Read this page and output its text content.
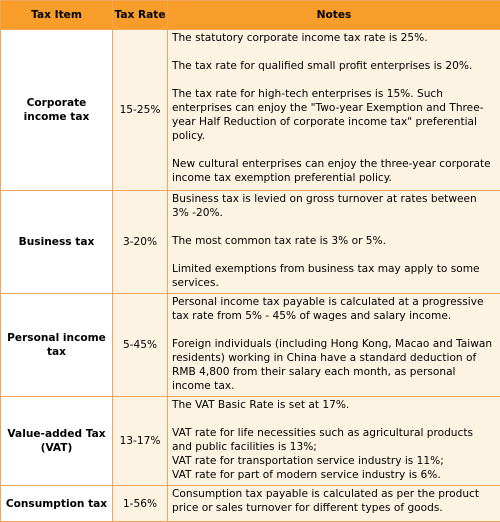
Tax Item	Tax Rate	Notes
Corporate income tax	15-25%	The statutory corporate income tax rate is 25%.

The tax rate for qualified small profit enterprises is 20%.

The tax rate for high-tech enterprises is 15%. Such enterprises can enjoy the "Two-year Exemption and Three-year Half Reduction of corporate income tax" preferential policy.

New cultural enterprises can enjoy the three-year corporate income tax exemption preferential policy.

Business tax	3-20%	Business tax is levied on gross turnover at rates between 3% -20%.

The most common tax rate is 3% or 5%.

Limited exemptions from business tax may apply to some services.

Personal income tax	5-45%	Personal income tax payable is calculated at a progressive tax rate from 5% - 45% of wages and salary income.

Foreign individuals (including Hong Kong, Macao and Taiwan residents) working in China have a standard deduction of RMB 4,800 from their salary each month, as personal income tax.

Value-added Tax (VAT)	13-17%	The VAT Basic Rate is set at 17%.

VAT rate for life necessities such as agricultural products and public facilities is 13%;

VAT rate for transportation service industry is 11%;

VAT rate for part of modern service industry is 6%.

Consumption tax	1-56%	Consumption tax payable is calculated as per the product price or sales turnover for different types of goods.
